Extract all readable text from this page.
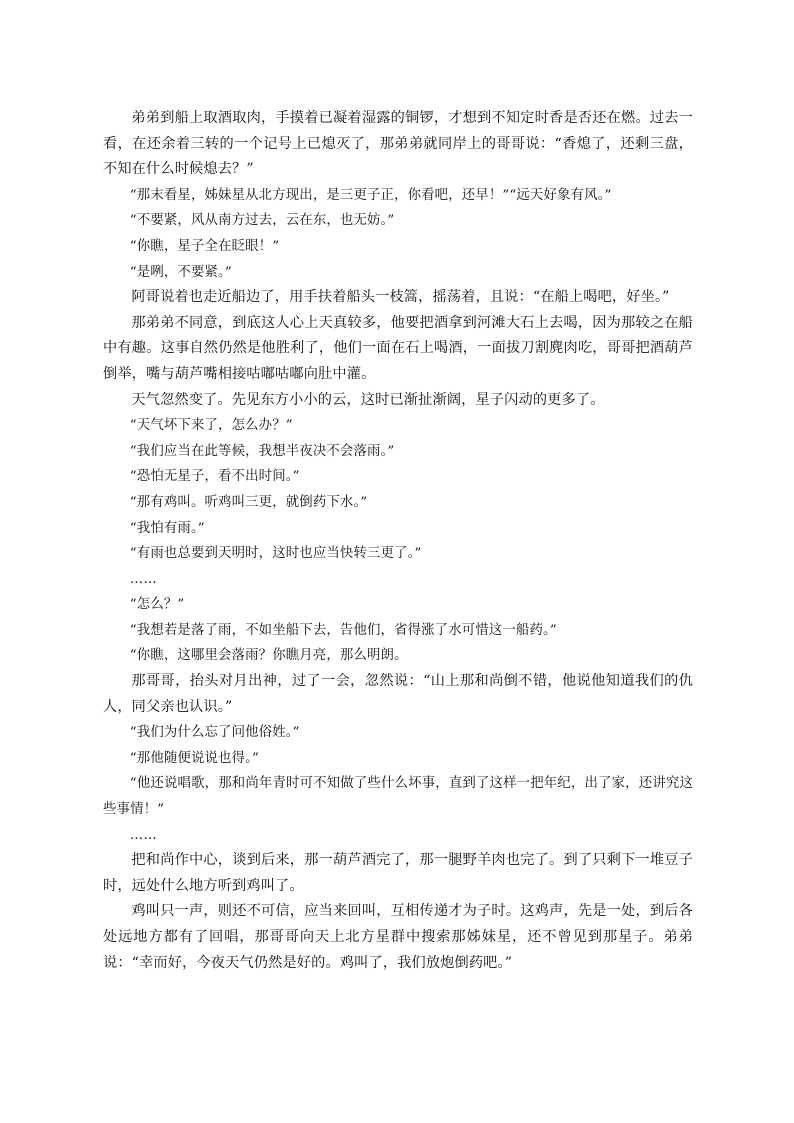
弟弟到船上取酒取肉，手摸着已凝着湿露的铜锣，才想到不知定时香是否还在燃。过去一看，在还余着三转的一个记号上已熄灭了，那弟弟就同岸上的哥哥说：“香熄了，还剩三盘，不知在什么时候熄去？”

“那末看星，姊妹星从北方现出，是三更子正，你看吧，还早！”“远天好象有风。”

“不要紧，风从南方过去，云在东，也无妨。”

“你瞧，星子全在眨眼！”

“是咧，不要紧。”

阿哥说着也走近船边了，用手扶着船头一枝篙，摇荡着，且说：“在船上喝吧，好坐。”

那弟弟不同意，到底这人心上天真较多，他要把酒拿到河滩大石上去喝，因为那较之在船中有趣。这事自然仍然是他胜利了，他们一面在石上喝酒，一面拔刀割麂肉吃，哥哥把酒葫芦倒举，嘴与葫芦嘴相接咕嘟咕嘟向肚中灌。

天气忽然变了。先见东方小小的云，这时已渐扯渐阔，星子闪动的更多了。

“天气坏下来了，怎么办？”

“我们应当在此等候，我想半夜决不会落雨。”

“恐怕无星子，看不出时间。”

“那有鸡叫。听鸡叫三更，就倒药下水。”

“我怕有雨。”

“有雨也总要到天明时，这时也应当快转三更了。”

……

“怎么？”

“我想若是落了雨，不如坐船下去，告他们，省得涨了水可惜这一船药。”

“你瞧，这哪里会落雨？你瞧月亮，那么明朗。

那哥哥，抬头对月出神，过了一会，忽然说：“山上那和尚倒不错，他说他知道我们的仇人，同父亲也认识。”

“我们为什么忘了问他俗姓。”

“那他随便说说也得。”

“他还说唱歌，那和尚年青时可不知做了些什么坏事，直到了这样一把年纪，出了家，还讲究这些事情！”

……

把和尚作中心，谈到后来，那一葫芦酒完了，那一腿野羊肉也完了。到了只剩下一堆豆子时，远处什么地方听到鸡叫了。

鸡叫只一声，则还不可信，应当来回叫，互相传递才为子时。这鸡声，先是一处，到后各处远地方都有了回唱，那哥哥向天上北方星群中搜索那姊妹星，还不曾见到那星子。弟弟说：“幸而好，今夜天气仍然是好的。鸡叫了，我们放炮倒药吧。”
